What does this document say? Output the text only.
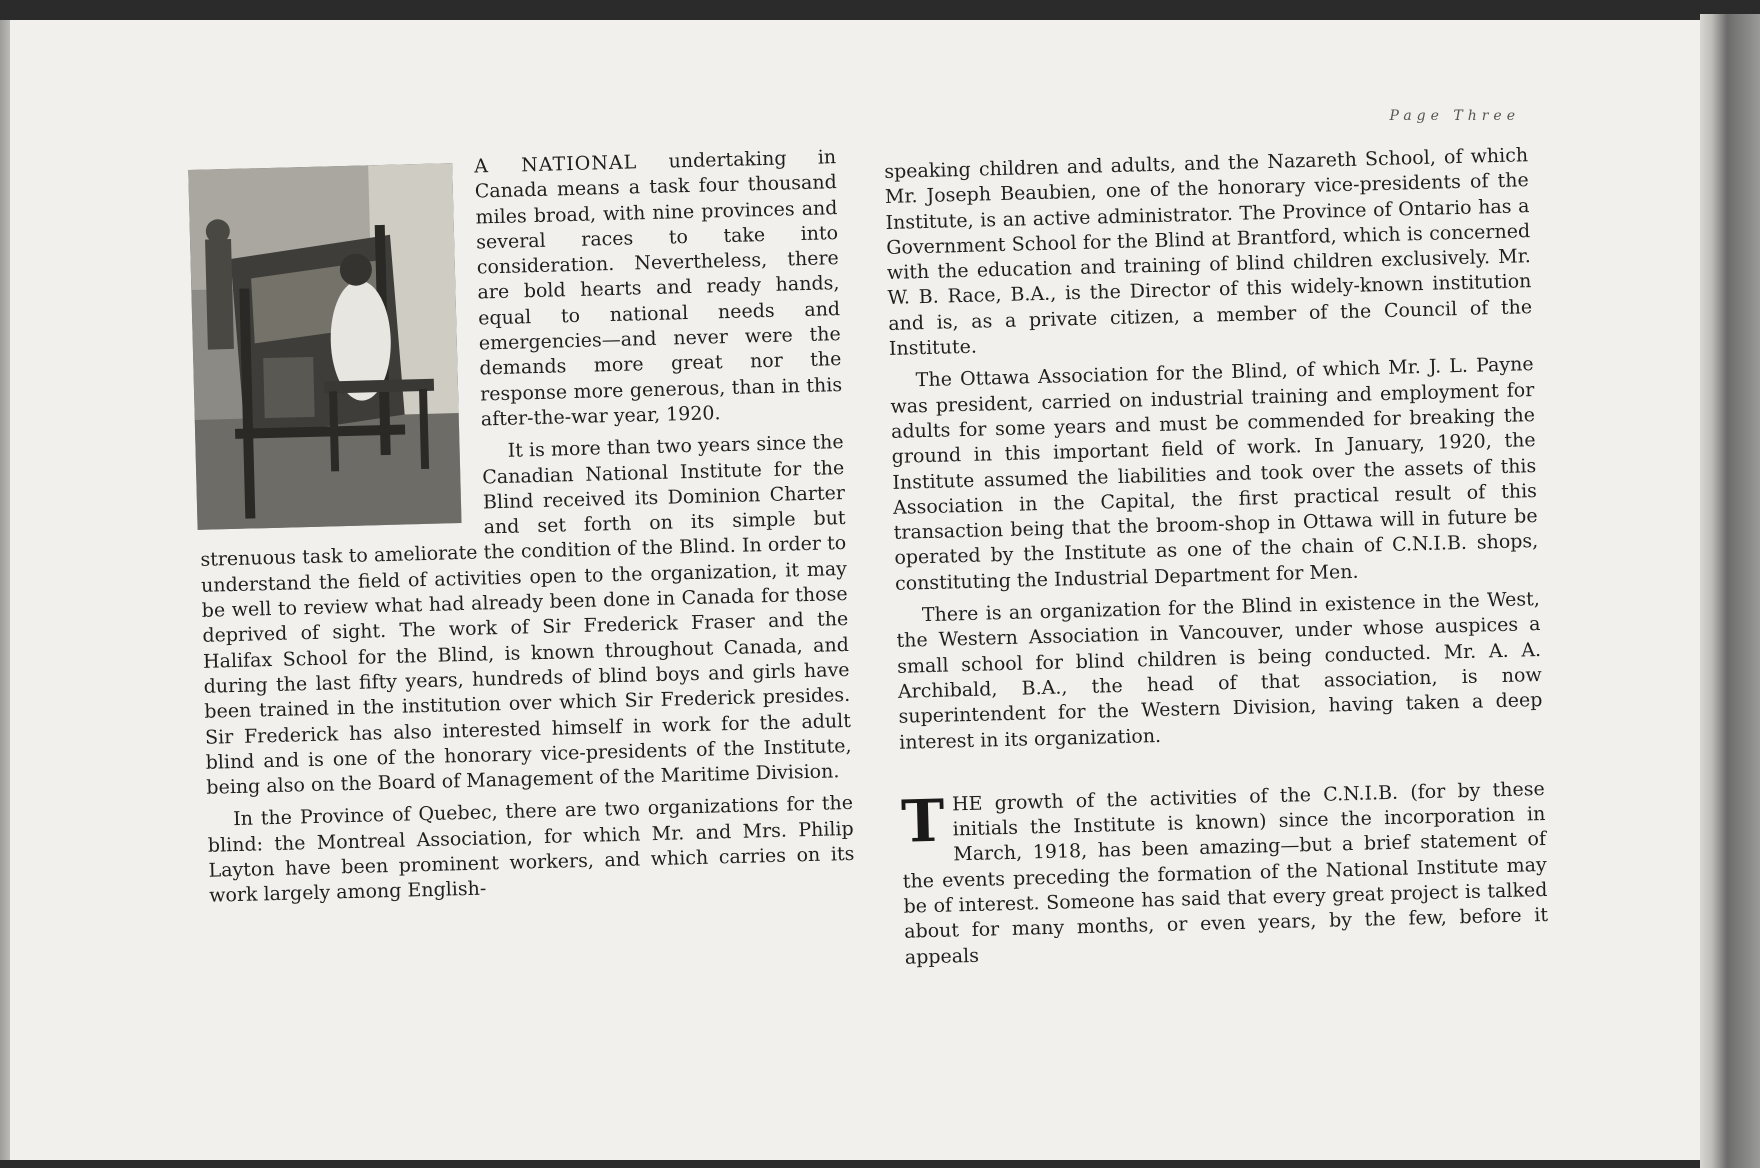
Page Three

A NATIONAL undertaking in Canada means a task four thousand miles broad, with nine provinces and several races to take into consideration. Nevertheless, there are bold hearts and ready hands, equal to national needs and emergencies—and never were the demands more great nor the response more generous, than in this after-the-war year, 1920.

It is more than two years since the Canadian National Institute for the Blind received its Dominion Charter and set forth on its simple but strenuous task to ameliorate the condition of the Blind. In order to understand the field of activities open to the organization, it may be well to review what had already been done in Canada for those deprived of sight. The work of Sir Frederick Fraser and the Halifax School for the Blind, is known throughout Canada, and during the last fifty years, hundreds of blind boys and girls have been trained in the institution over which Sir Frederick presides. Sir Frederick has also interested himself in work for the adult blind and is one of the honorary vice-presidents of the Institute, being also on the Board of Management of the Maritime Division.

In the Province of Quebec, there are two organizations for the blind: the Montreal Association, for which Mr. and Mrs. Philip Layton have been prominent workers, and which carries on its work largely among English-

speaking children and adults, and the Nazareth School, of which Mr. Joseph Beaubien, one of the honorary vice-presidents of the Institute, is an active administrator. The Province of Ontario has a Government School for the Blind at Brantford, which is concerned with the education and training of blind children exclusively. Mr. W. B. Race, B.A., is the Director of this widely-known institution and is, as a private citizen, a member of the Council of the Institute.

The Ottawa Association for the Blind, of which Mr. J. L. Payne was president, carried on industrial training and employment for adults for some years and must be commended for breaking the ground in this important field of work. In January, 1920, the Institute assumed the liabilities and took over the assets of this Association in the Capital, the first practical result of this transaction being that the broom-shop in Ottawa will in future be operated by the Institute as one of the chain of C.N.I.B. shops, constituting the Industrial Department for Men.

There is an organization for the Blind in existence in the West, the Western Association in Vancouver, under whose auspices a small school for blind children is being conducted. Mr. A. A. Archibald, B.A., the head of that association, is now superintendent for the Western Division, having taken a deep interest in its organization.

THE growth of the activities of the C.N.I.B. (for by these initials the Institute is known) since the incorporation in March, 1918, has been amazing—but a brief statement of the events preceding the formation of the National Institute may be of interest. Someone has said that every great project is talked about for many months, or even years, by the few, before it appeals
